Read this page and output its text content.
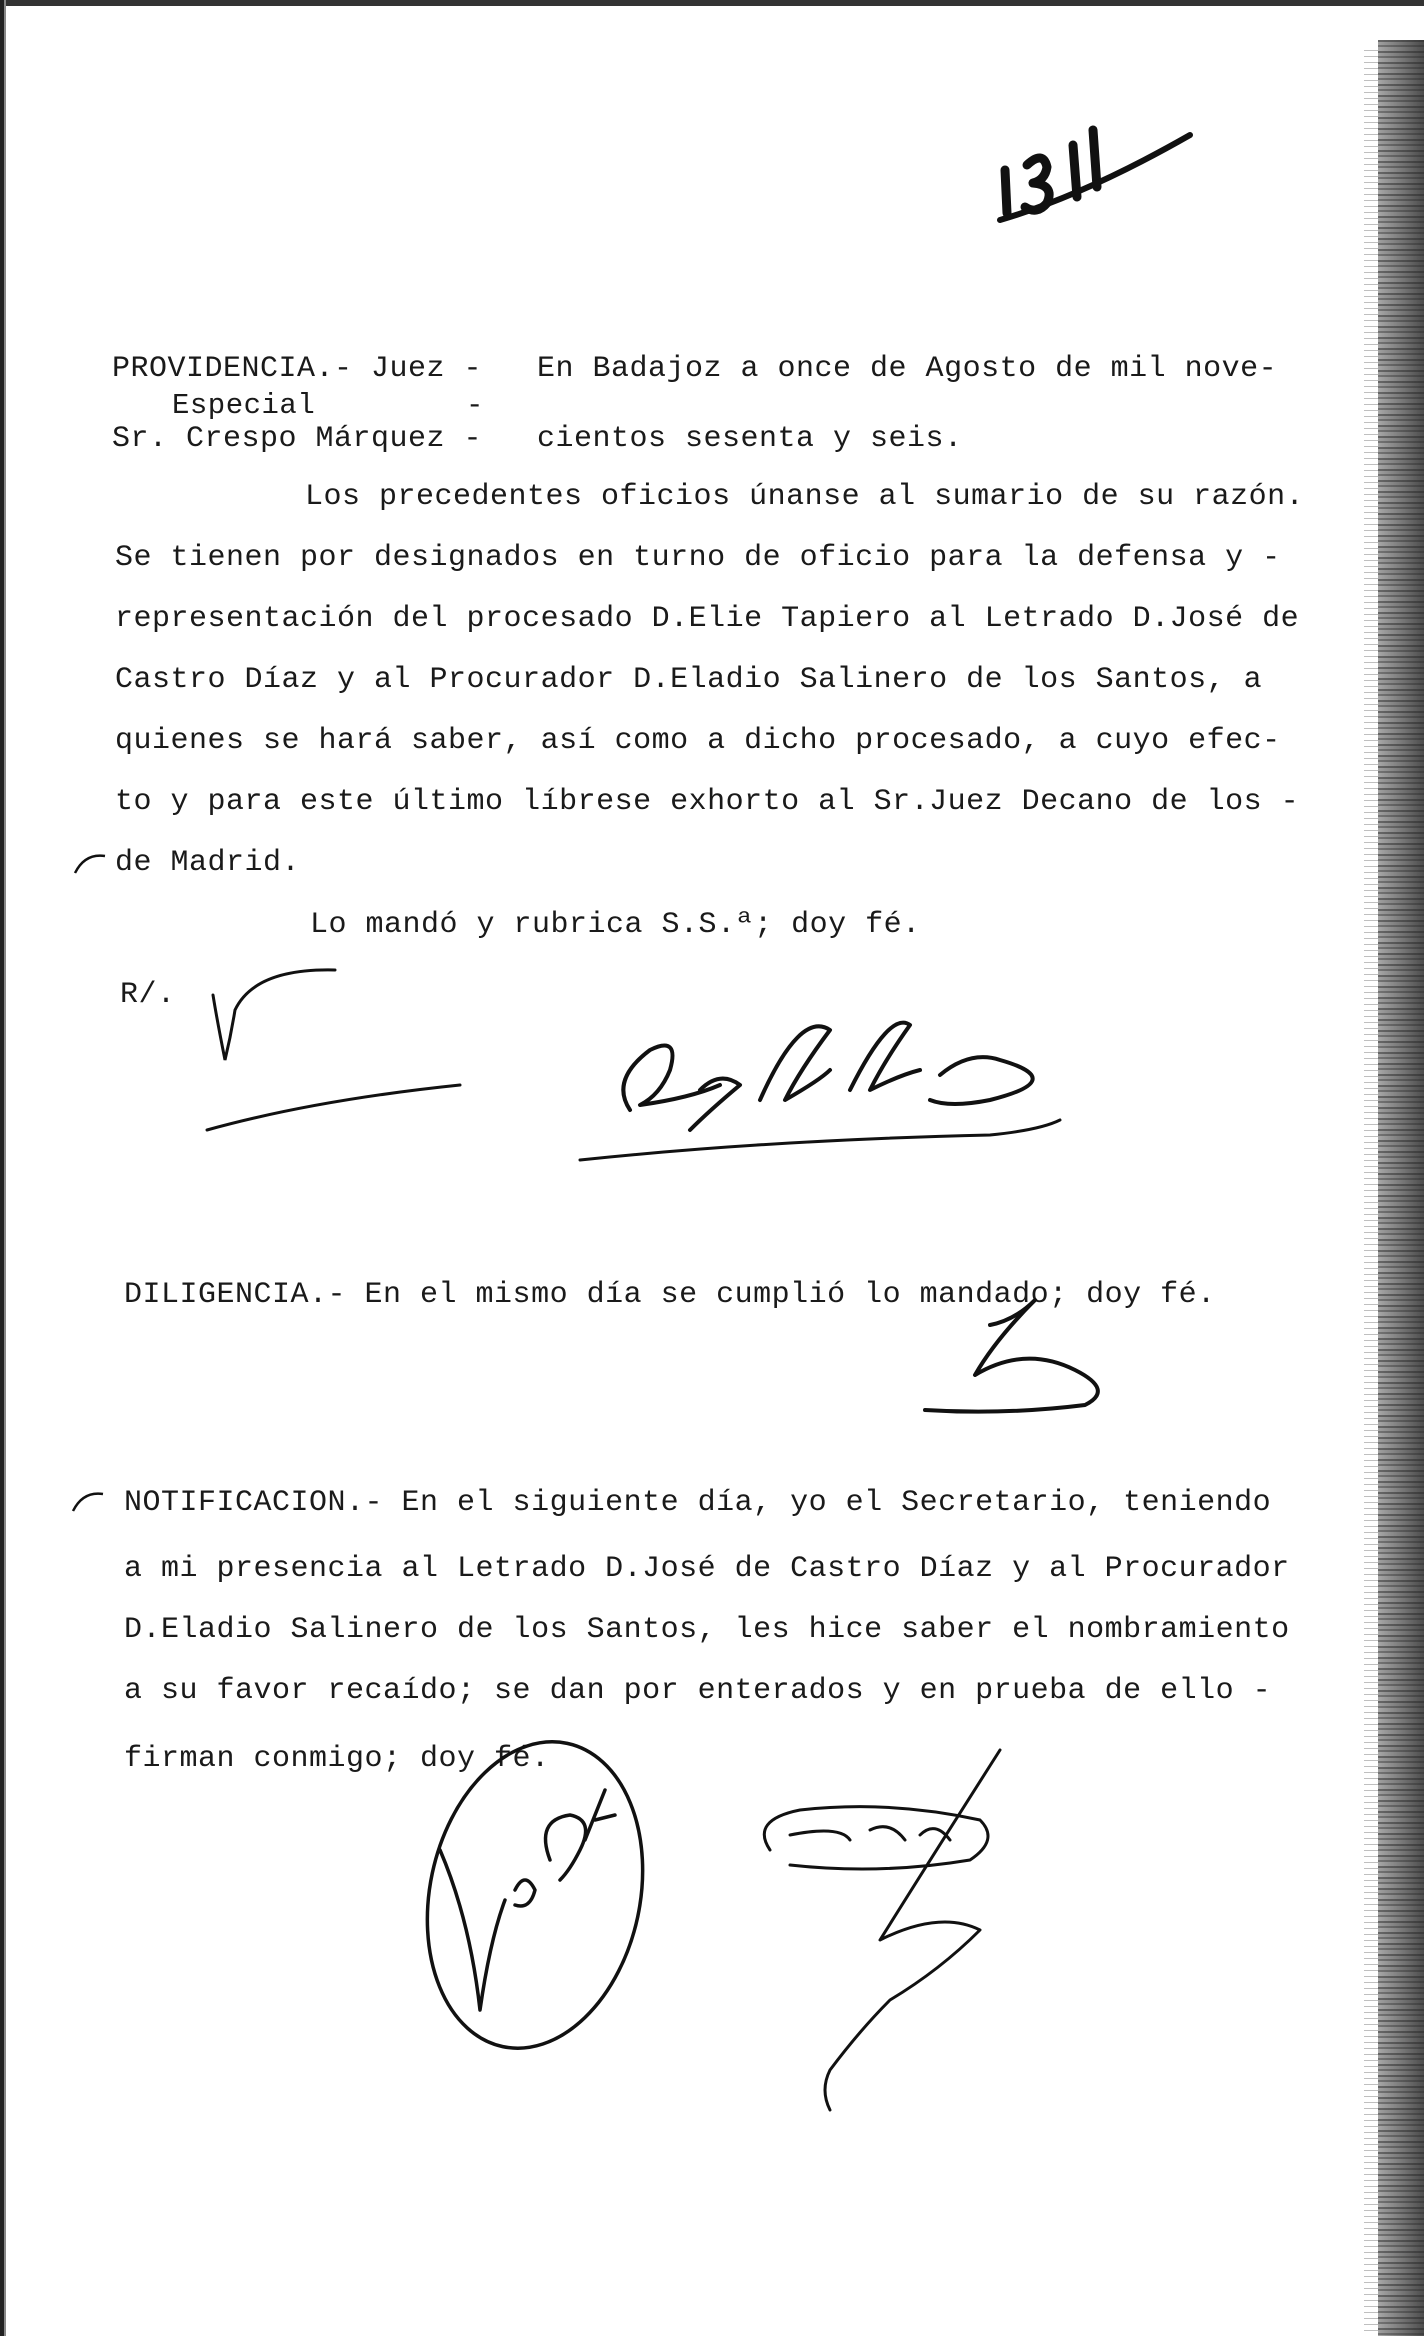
PROVIDENCIA.- Juez - En Badajoz a once de Agosto de mil nove-
Especial	-
Sr. Crespo Márquez - cientos sesenta y seis.
Los precedentes oficios únanse al sumario de su razón.
Se tienen por designados en turno de oficio para la defensa y -
representación del procesado D.Elie Tapiero al Letrado D.José de
Castro Díaz y al Procurador D.Eladio Salinero de los Santos, a
quienes se hará saber, así como a dicho procesado, a cuyo efec-
to y para este último líbrese exhorto al Sr.Juez Decano de los -
de Madrid.
Lo mandó y rubrica S.S.ª; doy fé.
R/.
DILIGENCIA.- En el mismo día se cumplió lo mandado; doy fé.
NOTIFICACION.- En el siguiente día, yo el Secretario, teniendo
a mi presencia al Letrado D.José de Castro Díaz y al Procurador
D.Eladio Salinero de los Santos, les hice saber el nombramiento
a su favor recaído; se dan por enterados y en prueba de ello -
firman conmigo; doy fé.
